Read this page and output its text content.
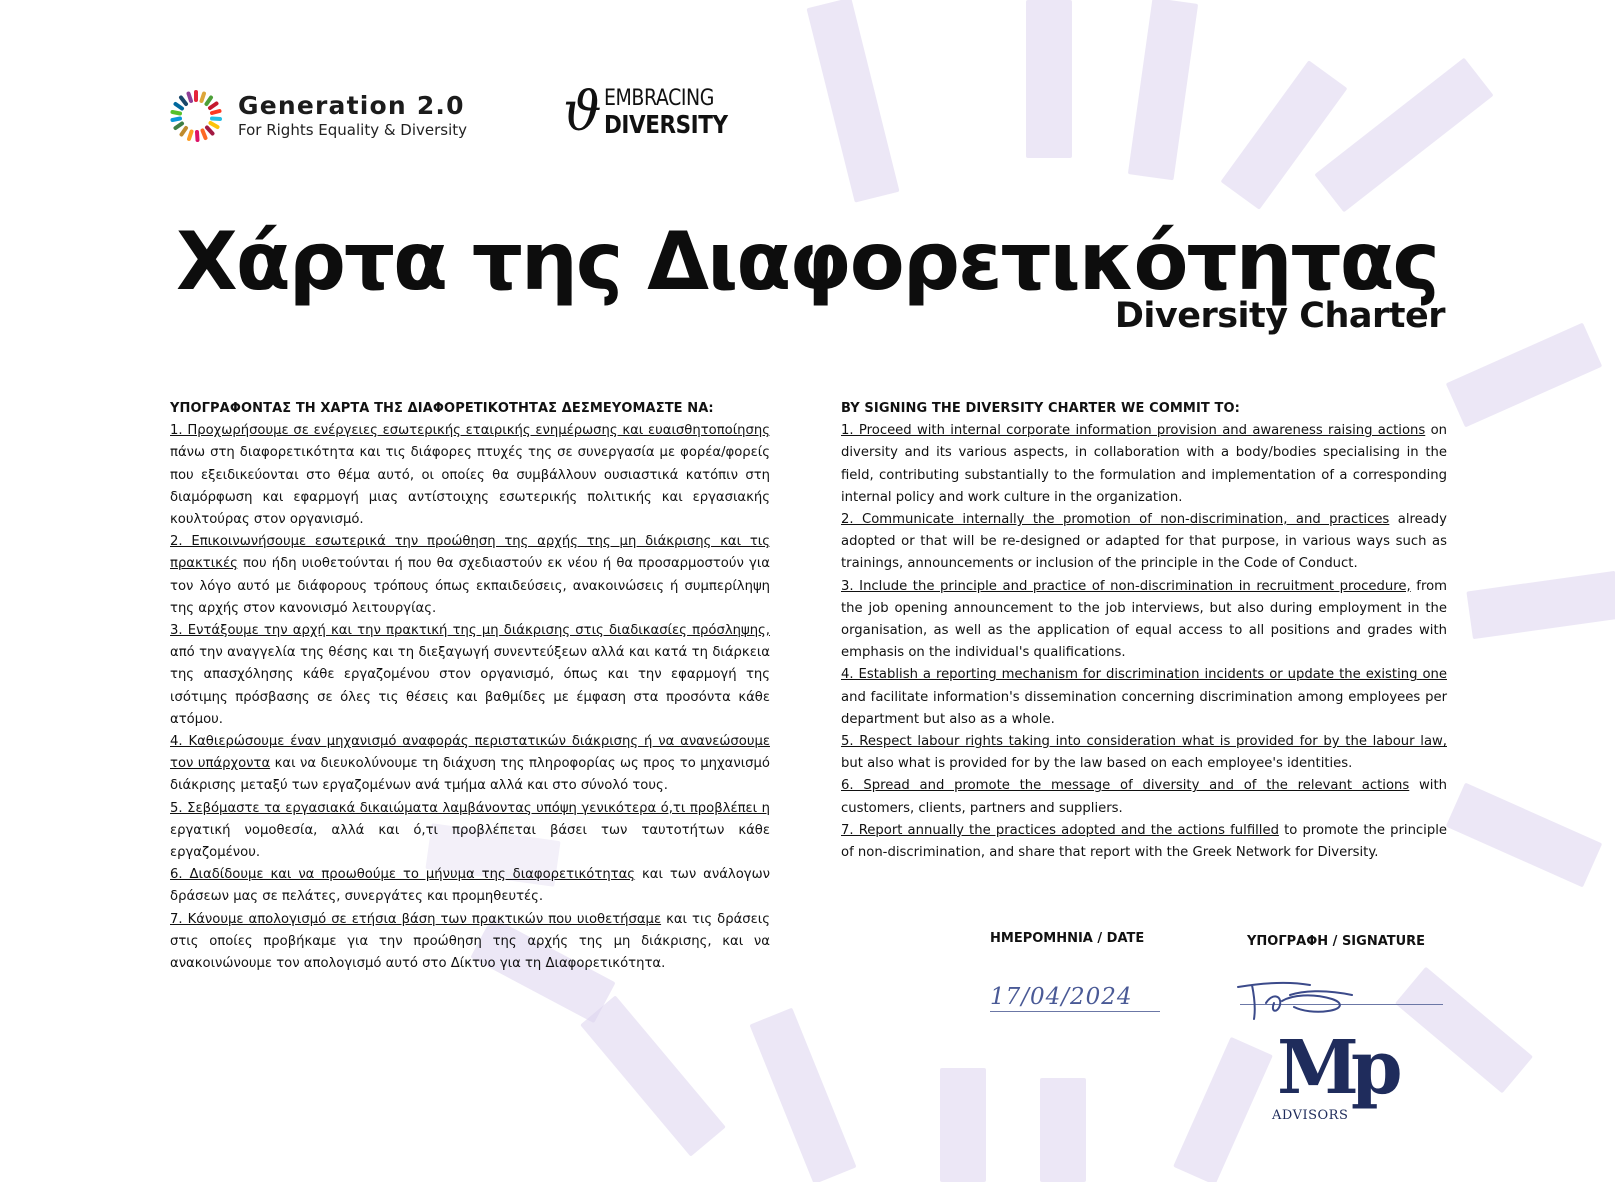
Generation 2.0
For Rights Equality & Diversity ϑ EMBRACING
DIVERSITY
Χάρτα της Διαφορετικότητας
Diversity Charter
ΥΠΟΓΡΑΦΟΝΤΑΣ ΤΗ ΧΑΡΤΑ ΤΗΣ ΔΙΑΦΟΡΕΤΙΚΟΤΗΤΑΣ ΔΕΣΜΕΥΟΜΑΣΤΕ ΝΑ:
1. Προχωρήσουμε σε ενέργειες εσωτερικής εταιρικής ενημέρωσης και ευαισθητοποίησης πάνω στη διαφορετικότητα και τις διάφορες πτυχές της σε συνεργασία με φορέα/φορείς που εξειδικεύονται στο θέμα αυτό, οι οποίες θα συμβάλλουν ουσιαστικά κατόπιν στη διαμόρφωση και εφαρμογή μιας αντίστοιχης εσωτερικής πολιτικής και εργασιακής κουλτούρας στον οργανισμό.
2. Επικοινωνήσουμε εσωτερικά την προώθηση της αρχής της μη διάκρισης και τις πρακτικές που ήδη υιοθετούνται ή που θα σχεδιαστούν εκ νέου ή θα προσαρμοστούν για τον λόγο αυτό με διάφορους τρόπους όπως εκπαιδεύσεις, ανακοινώσεις ή συμπερίληψη της αρχής στον κανονισμό λειτουργίας.
3. Εντάξουμε την αρχή και την πρακτική της μη διάκρισης στις διαδικασίες πρόσληψης, από την αναγγελία της θέσης και τη διεξαγωγή συνεντεύξεων αλλά και κατά τη διάρκεια της απασχόλησης κάθε εργαζομένου στον οργανισμό, όπως και την εφαρμογή της ισότιμης πρόσβασης σε όλες τις θέσεις και βαθμίδες με έμφαση στα προσόντα κάθε ατόμου.
4. Καθιερώσουμε έναν μηχανισμό αναφοράς περιστατικών διάκρισης ή να ανανεώσουμε τον υπάρχοντα και να διευκολύνουμε τη διάχυση της πληροφορίας ως προς το μηχανισμό διάκρισης μεταξύ των εργαζομένων ανά τμήμα αλλά και στο σύνολό τους.
5. Σεβόμαστε τα εργασιακά δικαιώματα λαμβάνοντας υπόψη γενικότερα ό,τι προβλέπει η εργατική νομοθεσία, αλλά και ό,τι προβλέπεται βάσει των ταυτοτήτων κάθε εργαζομένου.
6. Διαδίδουμε και να προωθούμε το μήνυμα της διαφορετικότητας και των ανάλογων δράσεων μας σε πελάτες, συνεργάτες και προμηθευτές.
7. Κάνουμε απολογισμό σε ετήσια βάση των πρακτικών που υιοθετήσαμε και τις δράσεις στις οποίες προβήκαμε για την προώθηση της αρχής της μη διάκρισης, και να ανακοινώνουμε τον απολογισμό αυτό στο Δίκτυο για τη Διαφορετικότητα.
BY SIGNING THE DIVERSITY CHARTER WE COMMIT TO:
1. Proceed with internal corporate information provision and awareness raising actions on diversity and its various aspects, in collaboration with a body/bodies specialising in the field, contributing substantially to the formulation and implementation of a corresponding internal policy and work culture in the organization.
2. Communicate internally the promotion of non-discrimination, and practices already adopted or that will be re-designed or adapted for that purpose, in various ways such as trainings, announcements or inclusion of the principle in the Code of Conduct.
3. Include the principle and practice of non-discrimination in recruitment procedure, from the job opening announcement to the job interviews, but also during employment in the organisation, as well as the application of equal access to all positions and grades with emphasis on the individual's qualifications.
4. Establish a reporting mechanism for discrimination incidents or update the existing one and facilitate information's dissemination concerning discrimination among employees per department but also as a whole.
5. Respect labour rights taking into consideration what is provided for by the labour law, but also what is provided for by the law based on each employee's identities.
6. Spread and promote the message of diversity and of the relevant actions with customers, clients, partners and suppliers.
7. Report annually the practices adopted and the actions fulfilled to promote the principle of non-discrimination, and share that report with the Greek Network for Diversity.
ΗΜΕΡΟΜΗΝΙΑ / DATE	ΥΠΟΓΡΑΦΗ / SIGNATURE
17/04/2024
Mp
ADVISORS
